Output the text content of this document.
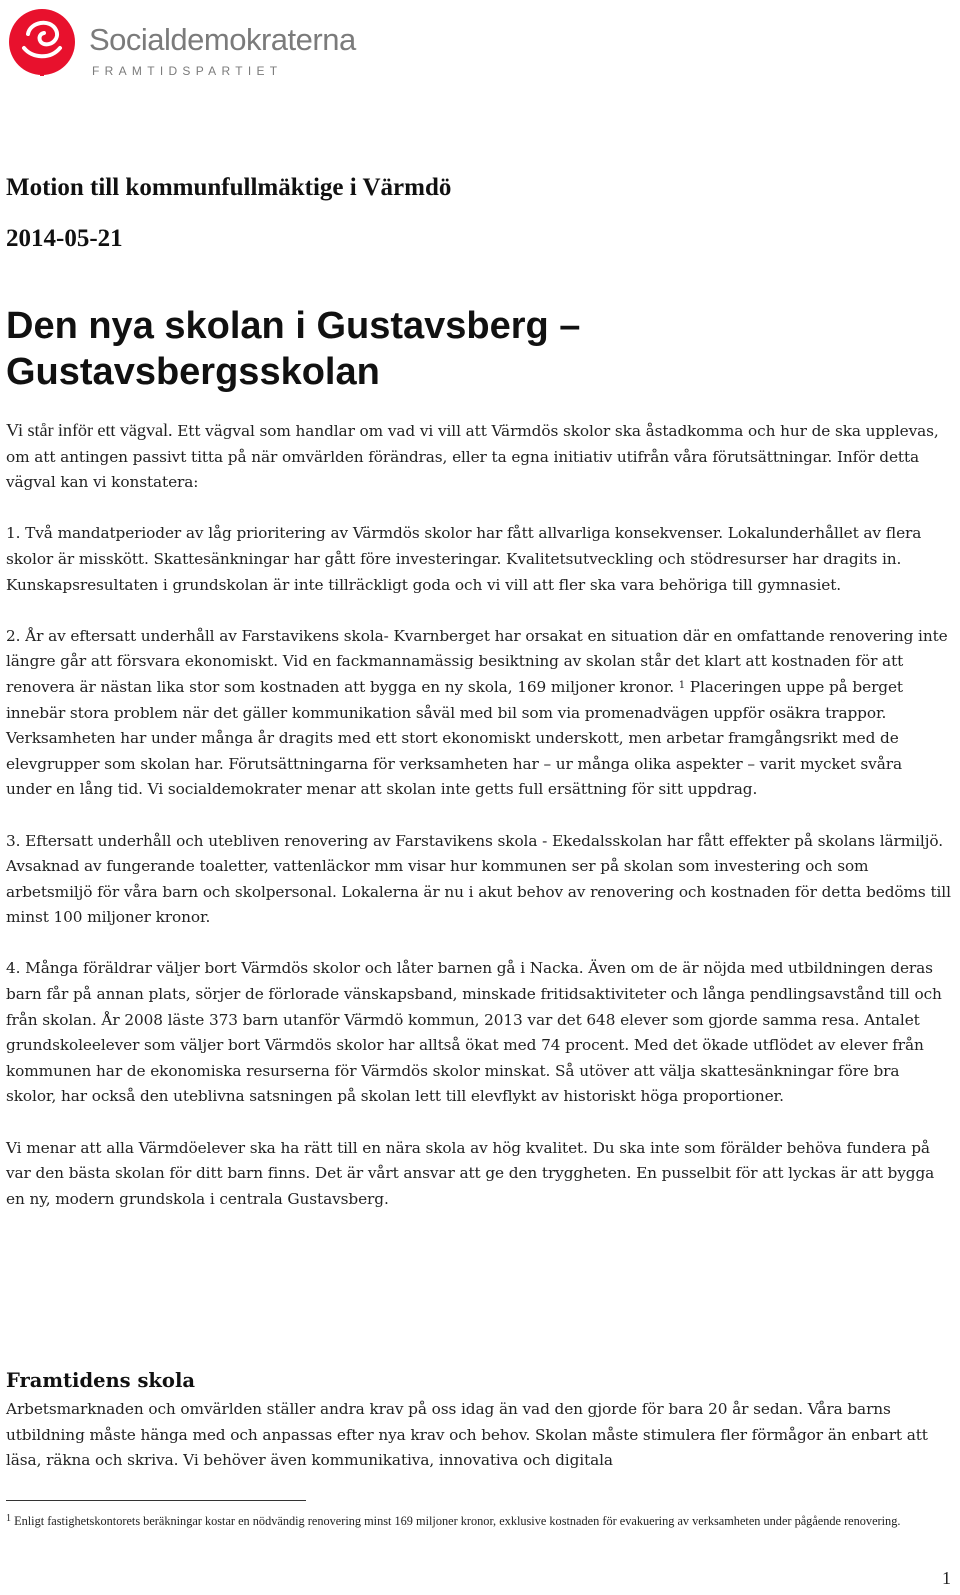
Socialdemokraterna
FRAMTIDSPARTIET
Motion till kommunfullmäktige i Värmdö
2014-05-21
Den nya skolan i Gustavsberg –
Gustavsbergsskolan

Vi står inför ett vägval. Ett vägval som handlar om vad vi vill att Värmdös skolor ska åstadkomma och hur de ska upplevas, om att antingen passivt titta på när omvärlden förändras, eller ta egna initiativ utifrån våra förutsättningar. Inför detta vägval kan vi konstatera:

1. Två mandatperioder av låg prioritering av Värmdös skolor har fått allvarliga konsekvenser. Lokalunderhållet av flera skolor är misskött. Skattesänkningar har gått före investeringar. Kvalitetsutveckling och stödresurser har dragits in. Kunskapsresultaten i grundskolan är inte tillräckligt goda och vi vill att fler ska vara behöriga till gymnasiet.

2. År av eftersatt underhåll av Farstavikens skola- Kvarnberget har orsakat en situation där en omfattande renovering inte längre går att försvara ekonomiskt. Vid en fackmannamässig besiktning av skolan står det klart att kostnaden för att renovera är nästan lika stor som kostnaden att bygga en ny skola, 169 miljoner kronor. $^1$ Placeringen uppe på berget innebär stora problem när det gäller kommunikation såväl med bil som via promenadvägen uppför osäkra trappor. Verksamheten har under många år dragits med ett stort ekonomiskt underskott, men arbetar framgångsrikt med de elevgrupper som skolan har. Förutsättningarna för verksamheten har – ur många olika aspekter – varit mycket svåra under en lång tid. Vi socialdemokrater menar att skolan inte getts full ersättning för sitt uppdrag.

3. Eftersatt underhåll och utebliven renovering av Farstavikens skola - Ekedalsskolan har fått effekter på skolans lärmiljö. Avsaknad av fungerande toaletter, vattenläckor mm visar hur kommunen ser på skolan som investering och som arbetsmiljö för våra barn och skolpersonal. Lokalerna är nu i akut behov av renovering och kostnaden för detta bedöms till minst 100 miljoner kronor.

4. Många föräldrar väljer bort Värmdös skolor och låter barnen gå i Nacka. Även om de är nöjda med utbildningen deras barn får på annan plats, sörjer de förlorade vänskapsband, minskade fritidsaktiviteter och långa pendlingsavstånd till och från skolan. År 2008 läste 373 barn utanför Värmdö kommun, 2013 var det 648 elever som gjorde samma resa. Antalet grundskoleelever som väljer bort Värmdös skolor har alltså ökat med 74 procent. Med det ökade utflödet av elever från kommunen har de ekonomiska resurserna för Värmdös skolor minskat. Så utöver att välja skattesänkningar före bra skolor, har också den uteblivna satsningen på skolan lett till elevflykt av historiskt höga proportioner.

Vi menar att alla Värmdöelever ska ha rätt till en nära skola av hög kvalitet. Du ska inte som förälder behöva fundera på var den bästa skolan för ditt barn finns. Det är vårt ansvar att ge den tryggheten. En pusselbit för att lyckas är att bygga en ny, modern grundskola i centrala Gustavsberg.

Framtidens skola

Arbetsmarknaden och omvärlden ställer andra krav på oss idag än vad den gjorde för bara 20 år sedan. Våra barns utbildning måste hänga med och anpassas efter nya krav och behov. Skolan måste stimulera fler förmågor än enbart att läsa, räkna och skriva. Vi behöver även kommunikativa, innovativa och digitala

$^1$ Enligt fastighetskontorets beräkningar kostar en nödvändig renovering minst 169 miljoner kronor, exklusive kostnaden för evakuering av verksamheten under pågående renovering.

1
